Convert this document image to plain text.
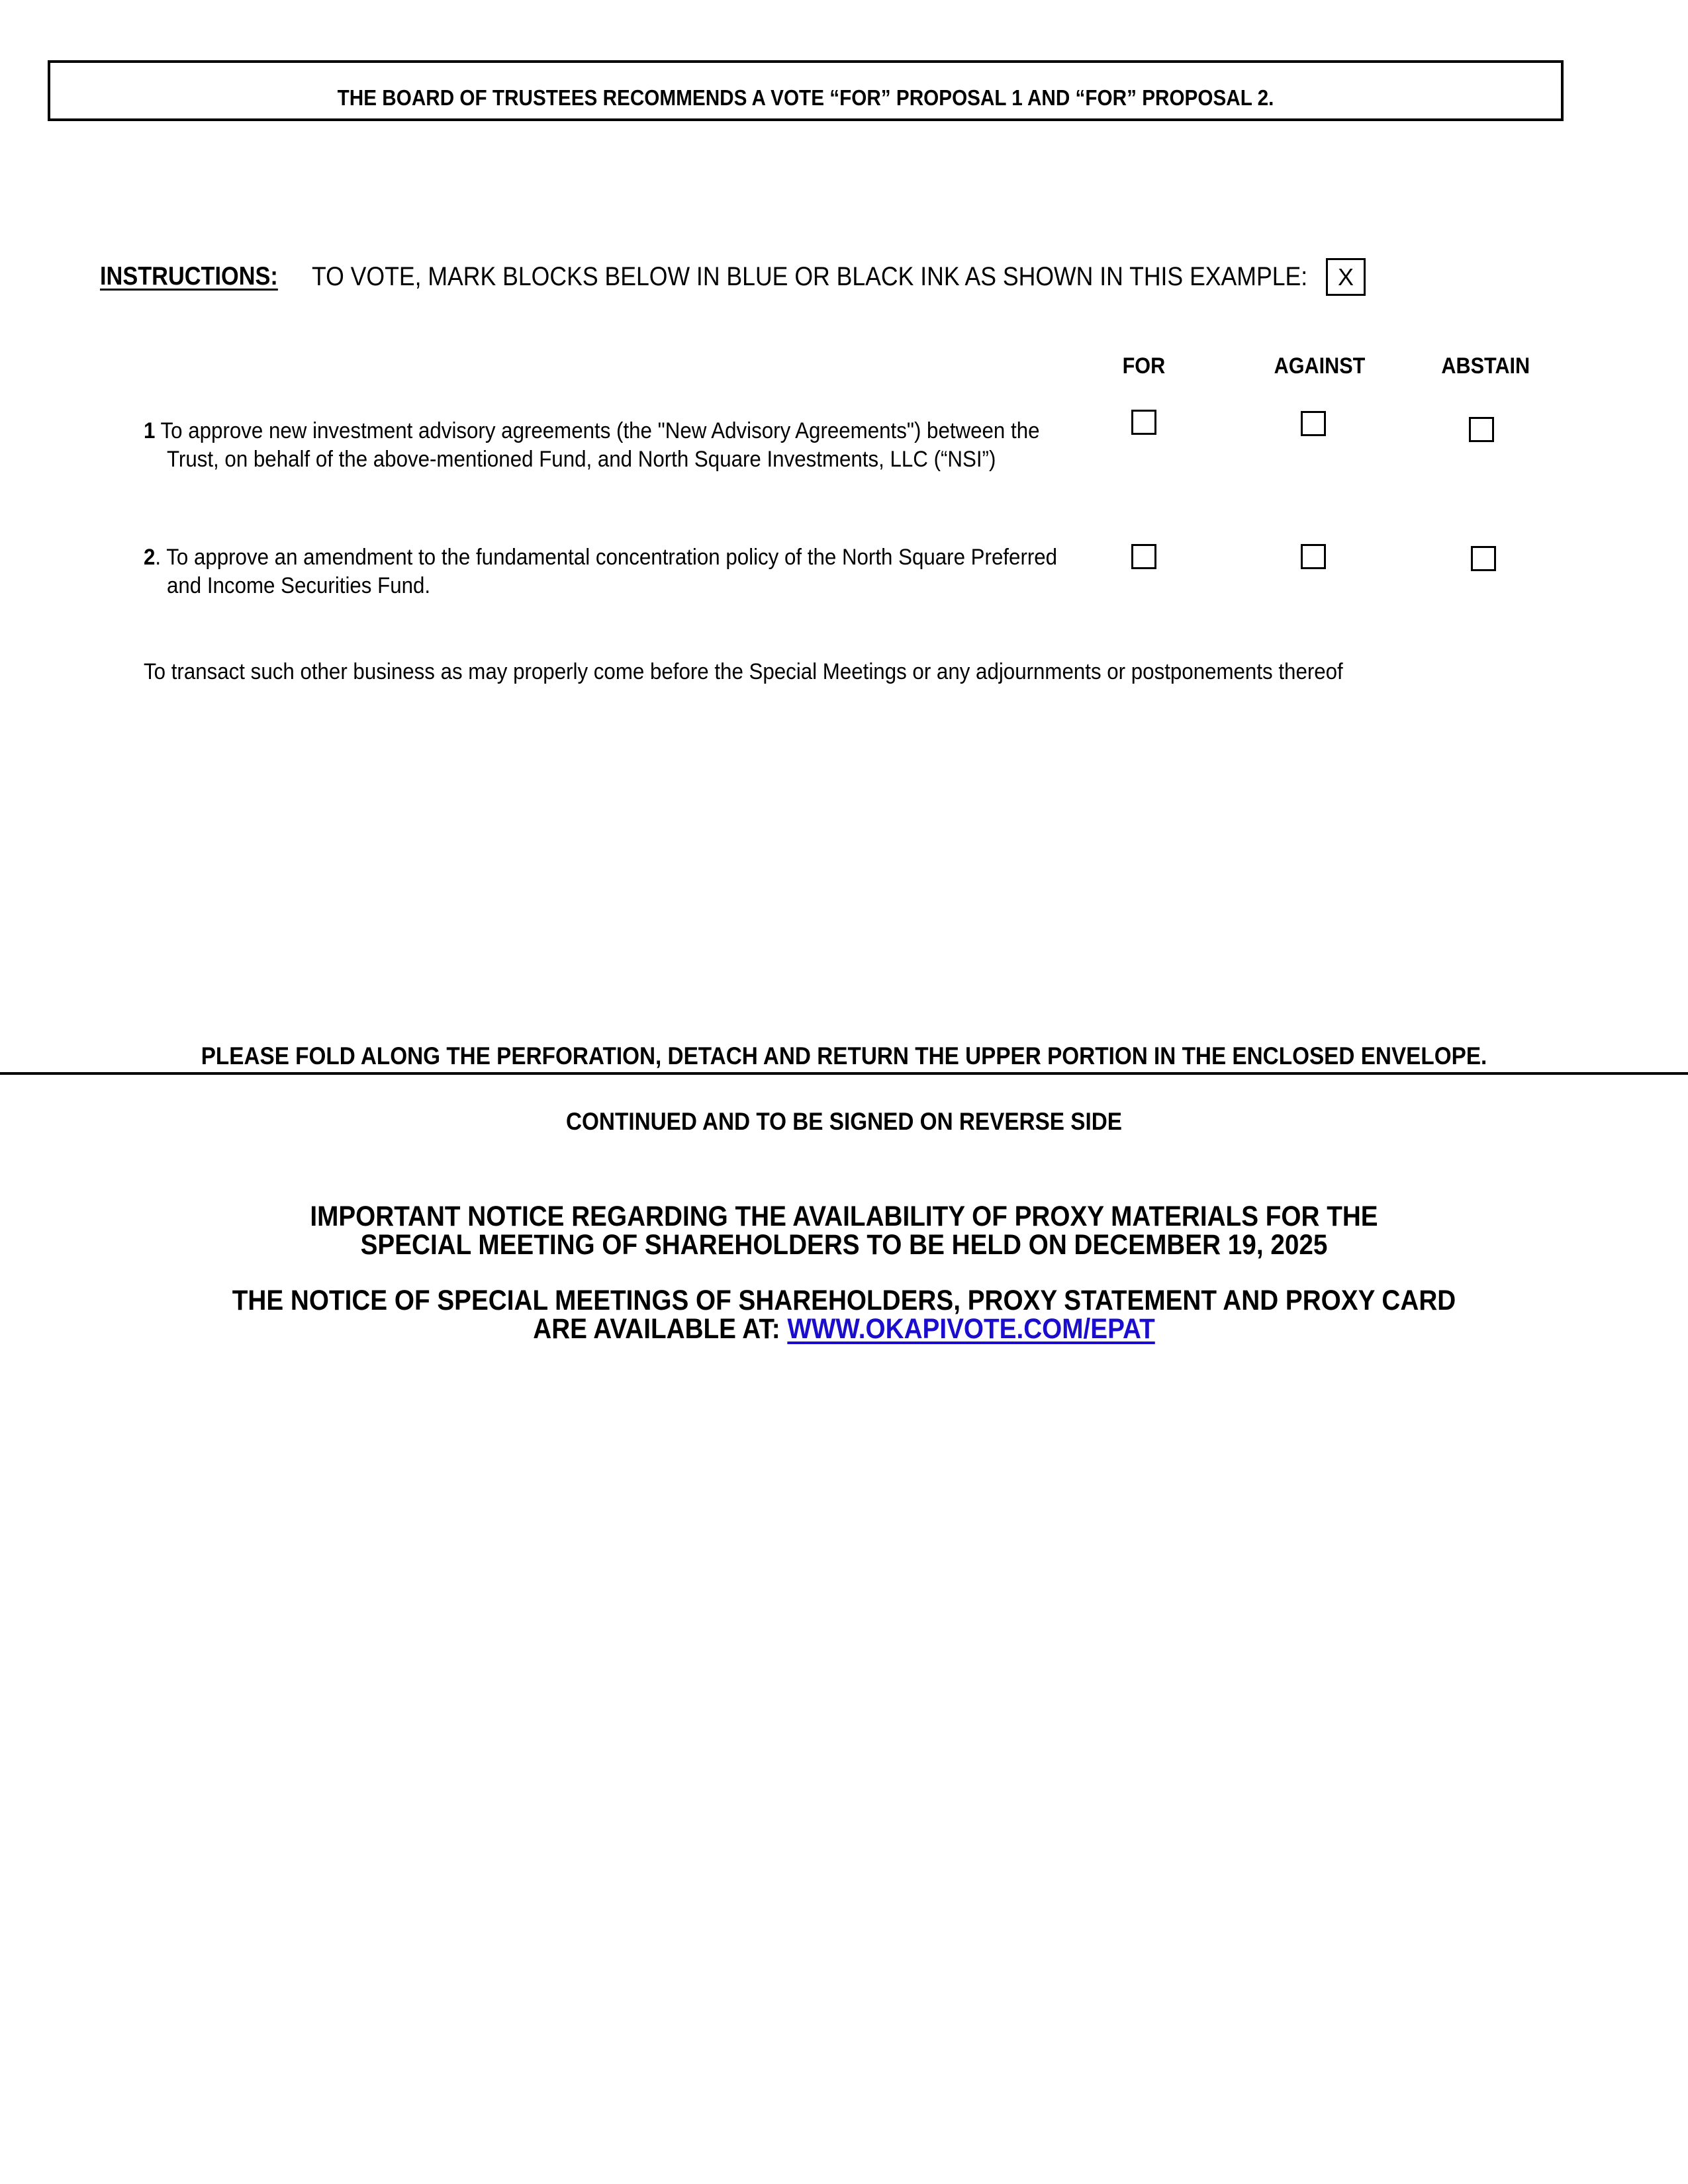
THE BOARD OF TRUSTEES RECOMMENDS A VOTE “FOR” PROPOSAL 1 AND “FOR” PROPOSAL 2.
INSTRUCTIONS: TO VOTE, MARK BLOCKS BELOW IN BLUE OR BLACK INK AS SHOWN IN THIS EXAMPLE:	X
FOR	AGAINST	ABSTAIN
1 To approve new investment advisory agreements (the "New Advisory Agreements") between the
Trust, on behalf of the above-mentioned Fund, and North Square Investments, LLC (“NSI”)
2. To approve an amendment to the fundamental concentration policy of the North Square Preferred
and Income Securities Fund.
To transact such other business as may properly come before the Special Meetings or any adjournments or postponements thereof
PLEASE FOLD ALONG THE PERFORATION, DETACH AND RETURN THE UPPER PORTION IN THE ENCLOSED ENVELOPE.
CONTINUED AND TO BE SIGNED ON REVERSE SIDE
IMPORTANT NOTICE REGARDING THE AVAILABILITY OF PROXY MATERIALS FOR THE
SPECIAL MEETING OF SHAREHOLDERS TO BE HELD ON DECEMBER 19, 2025
THE NOTICE OF SPECIAL MEETINGS OF SHAREHOLDERS, PROXY STATEMENT AND PROXY CARD
ARE AVAILABLE AT: WWW.OKAPIVOTE.COM/EPAT
